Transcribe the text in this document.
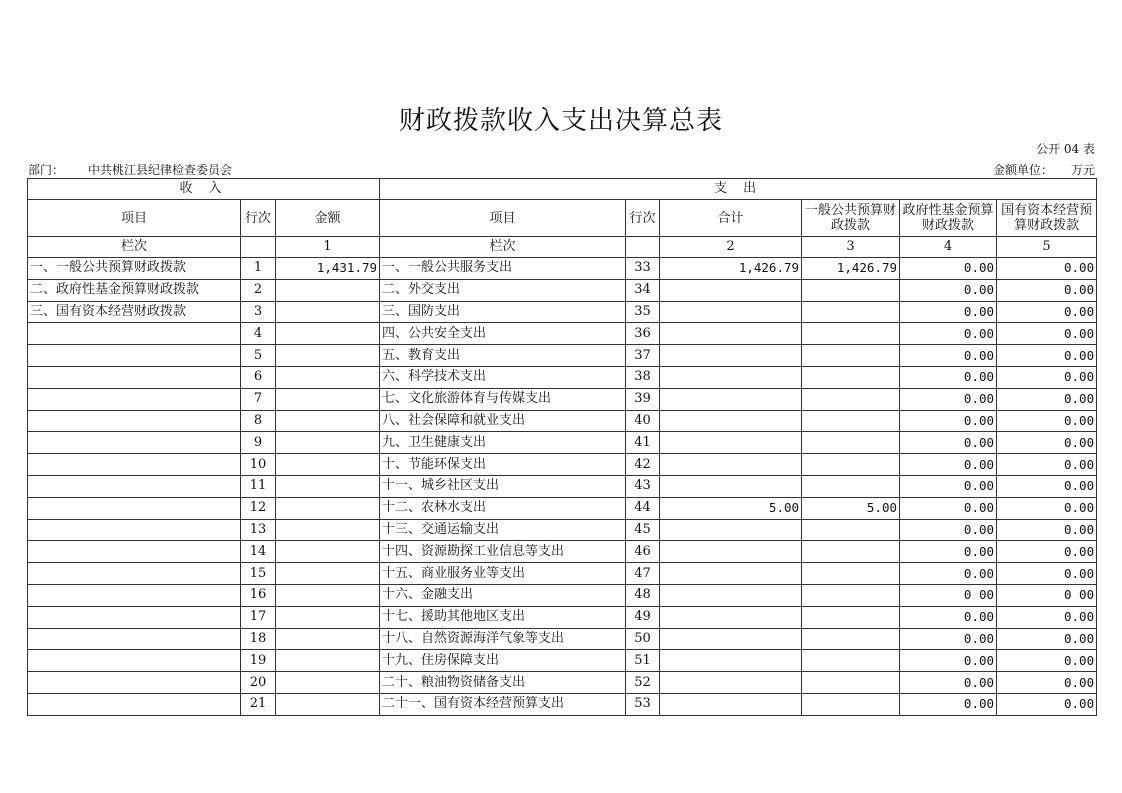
财政拨款收入支出决算总表
公开 04 表
部门： 中共桃江县纪律检查委员会	金额单位： 万元
收 入			支 出					
项目	行次	金额	项目	行次	合计	一般公共预算财政拨款	政府性基金预算财政拨款	国有资本经营预算财政拨款
栏次		1	栏次		2	3	4	5
一、一般公共预算财政拨款	1	1,431.79	一、一般公共服务支出	33	1,426.79	1,426.79	0.00	0.00
二、政府性基金预算财政拨款	2		二、外交支出	34			0.00	0.00
三、国有资本经营财政拨款	3		三、国防支出	35			0.00	0.00
	4		四、公共安全支出	36			0.00	0.00
	5		五、教育支出	37			0.00	0.00
	6		六、科学技术支出	38			0.00	0.00
	7		七、文化旅游体育与传媒支出	39			0.00	0.00
	8		八、社会保障和就业支出	40			0.00	0.00
	9		九、卫生健康支出	41			0.00	0.00
	10		十、节能环保支出	42			0.00	0.00
	11		十一、城乡社区支出	43			0.00	0.00
	12		十二、农林水支出	44	5.00	5.00	0.00	0.00
	13		十三、交通运输支出	45			0.00	0.00
	14		十四、资源勘探工业信息等支出	46			0.00	0.00
	15		十五、商业服务业等支出	47			0.00	0.00
	16		十六、金融支出	48			0 00	0 00
	17		十七、援助其他地区支出	49			0.00	0.00
	18		十八、自然资源海洋气象等支出	50			0.00	0.00
	19		十九、住房保障支出	51			0.00	0.00
	20		二十、粮油物资储备支出	52			0.00	0.00
	21		二十一、国有资本经营预算支出	53			0.00	0.00
